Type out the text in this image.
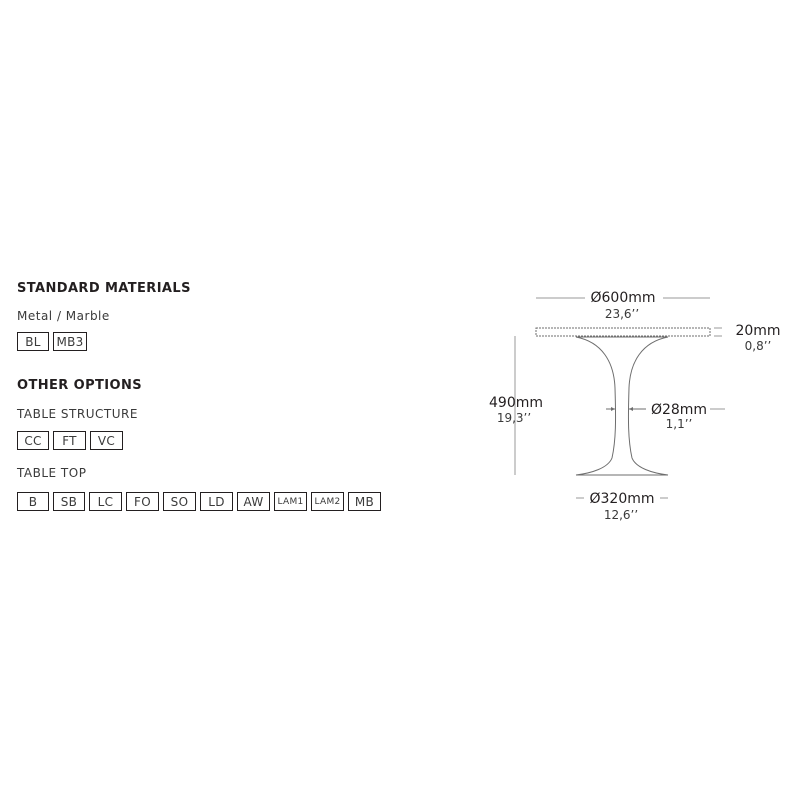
STANDARD MATERIALS

Metal / Marble

BL	MB3
OTHER OPTIONS

TABLE STRUCTURE

CC	FT	VC

TABLE TOP

B	SB	LC	FO	SO	LD	AW	LAM1	LAM2	MB
Ø600mm
23,6’’
20mm
0,8’’
490mm
19,3’’	Ø28mm
1,1’’
Ø320mm
12,6’’
